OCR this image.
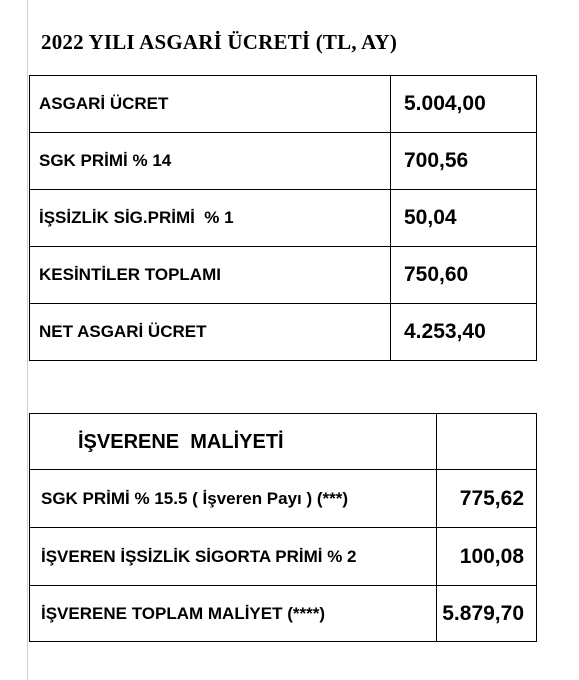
2022 YILI ASGARİ ÜCRETİ (TL, AY)
ASGARİ ÜCRET	5.004,00
SGK PRİMİ % 14	700,56
İŞSİZLİK SİG.PRİMİ  % 1	50,04
KESİNTİLER TOPLAMI	750,60
NET ASGARİ ÜCRET	4.253,40
İŞVERENE  MALİYETİ	
SGK PRİMİ % 15.5 ( İşveren Payı ) (***)	775,62
İŞVEREN İŞSİZLİK SİGORTA PRİMİ % 2	100,08
İŞVERENE TOPLAM MALİYET (****)	5.879,70
